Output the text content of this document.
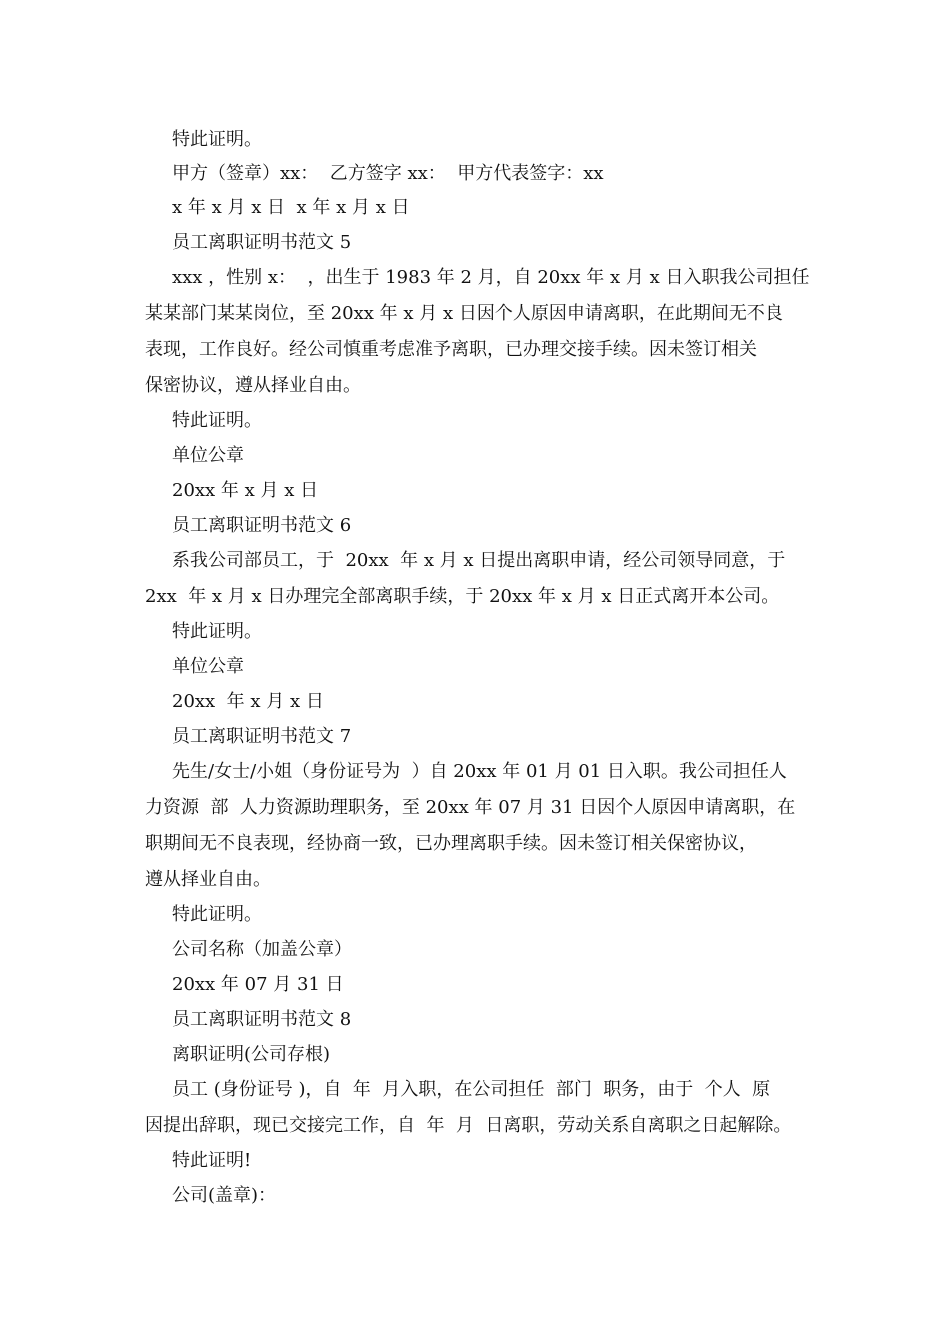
特此证明。

甲方（签章）xx：  乙方签字 xx：  甲方代表签字：xx

x 年 x 月 x 日  x 年 x 月 x 日

员工离职证明书范文 5

xxx ，性别 x：  ，出生于 1983 年 2 月，自 20xx 年 x 月 x 日入职我公司担任

某某部门某某岗位，至 20xx 年 x 月 x 日因个人原因申请离职，在此期间无不良

表现，工作良好。经公司慎重考虑准予离职，已办理交接手续。因未签订相关

保密协议，遵从择业自由。

特此证明。

单位公章

20xx 年 x 月 x 日

员工离职证明书范文 6

系我公司部员工，于  20xx  年 x 月 x 日提出离职申请，经公司领导同意，于

2xx  年 x 月 x 日办理完全部离职手续，于 20xx 年 x 月 x 日正式离开本公司。

特此证明。

单位公章

20xx  年 x 月 x 日

员工离职证明书范文 7

先生/女士/小姐（身份证号为  ）自 20xx 年 01 月 01 日入职。我公司担任人

力资源  部  人力资源助理职务，至 20xx 年 07 月 31 日因个人原因申请离职，在

职期间无不良表现，经协商一致，已办理离职手续。因未签订相关保密协议，

遵从择业自由。

特此证明。

公司名称（加盖公章）

20xx 年 07 月 31 日

员工离职证明书范文 8

离职证明(公司存根)

员工 (身份证号 )，自  年  月入职，在公司担任  部门  职务，由于  个人  原

因提出辞职，现已交接完工作，自  年  月  日离职，劳动关系自离职之日起解除。

特此证明!

公司(盖章)：
